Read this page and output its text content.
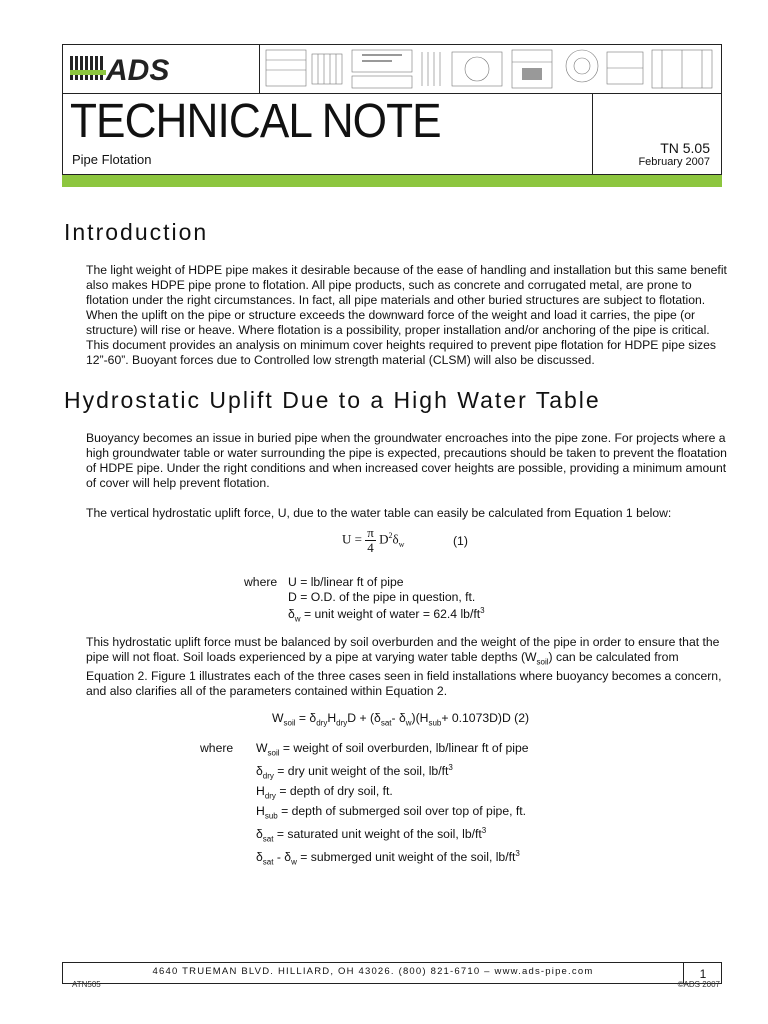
ADS
TECHNICAL NOTE
Pipe Flotation
TN 5.05
February 2007
Introduction

The light weight of HDPE pipe makes it desirable because of the ease of handling and installation but this same benefit also makes HDPE pipe prone to flotation. All pipe products, such as concrete and corrugated metal, are prone to flotation under the right circumstances. In fact, all pipe materials and other buried structures are subject to flotation. When the uplift on the pipe or structure exceeds the downward force of the weight and load it carries, the pipe (or structure) will rise or heave. Where flotation is a possibility, proper installation and/or anchoring of the pipe is critical. This document provides an analysis on minimum cover heights required to prevent pipe flotation for HDPE pipe sizes 12”-60”. Buoyant forces due to Controlled low strength material (CLSM) will also be discussed.

Hydrostatic Uplift Due to a High Water Table

Buoyancy becomes an issue in buried pipe when the groundwater encroaches into the pipe zone. For projects where a high groundwater table or water surrounding the pipe is expected, precautions should be taken to prevent the floatation of HDPE pipe. Under the right conditions and when increased cover heights are possible, providing a minimum amount of cover will help prevent flotation.

The vertical hydrostatic uplift force, U, due to the water table can easily be calculated from Equation 1 below:

$U = \frac{\pi}{4} D^2\delta_w$	(1)
where U = lb/linear ft of pipe
D = O.D. of the pipe in question, ft.
$\delta_w$ = unit weight of water = 62.4 $lb/ft^3$

This hydrostatic uplift force must be balanced by soil overburden and the weight of the pipe in order to ensure that the pipe will not float. Soil loads experienced by a pipe at varying water table depths $(W_{soil})$ can be calculated from Equation 2. Figure 1 illustrates each of the three cases seen in field installations where buoyancy becomes a concern, and also clarifies all of the parameters contained within Equation 2.

$W_{soil} = \delta_{dry}H_{dry}D + (\delta_{sat}-$ $\delta_w)(H_{sub}+ 0.1073D)D$ (2)
where $W_{soil}$ = weight of soil overburden, lb/linear ft of pipe
$\delta_{dry}$ = dry unit weight of the soil, $lb/ft^3$
$H_{dry}$ = depth of dry soil, ft.
$H_{sub}$ = depth of submerged soil over top of pipe, ft.
$\delta_{sat}$ = saturated unit weight of the soil, $lb/ft^3$
$\delta_{sat} - \delta_w$ = submerged unit weight of the soil, $lb/ft^3$
4640 TRUEMAN BLVD. HILLIARD, OH 43026. (800) 821-6710 – www.ads-pipe.com	1
ATN505	©ADS 2007
